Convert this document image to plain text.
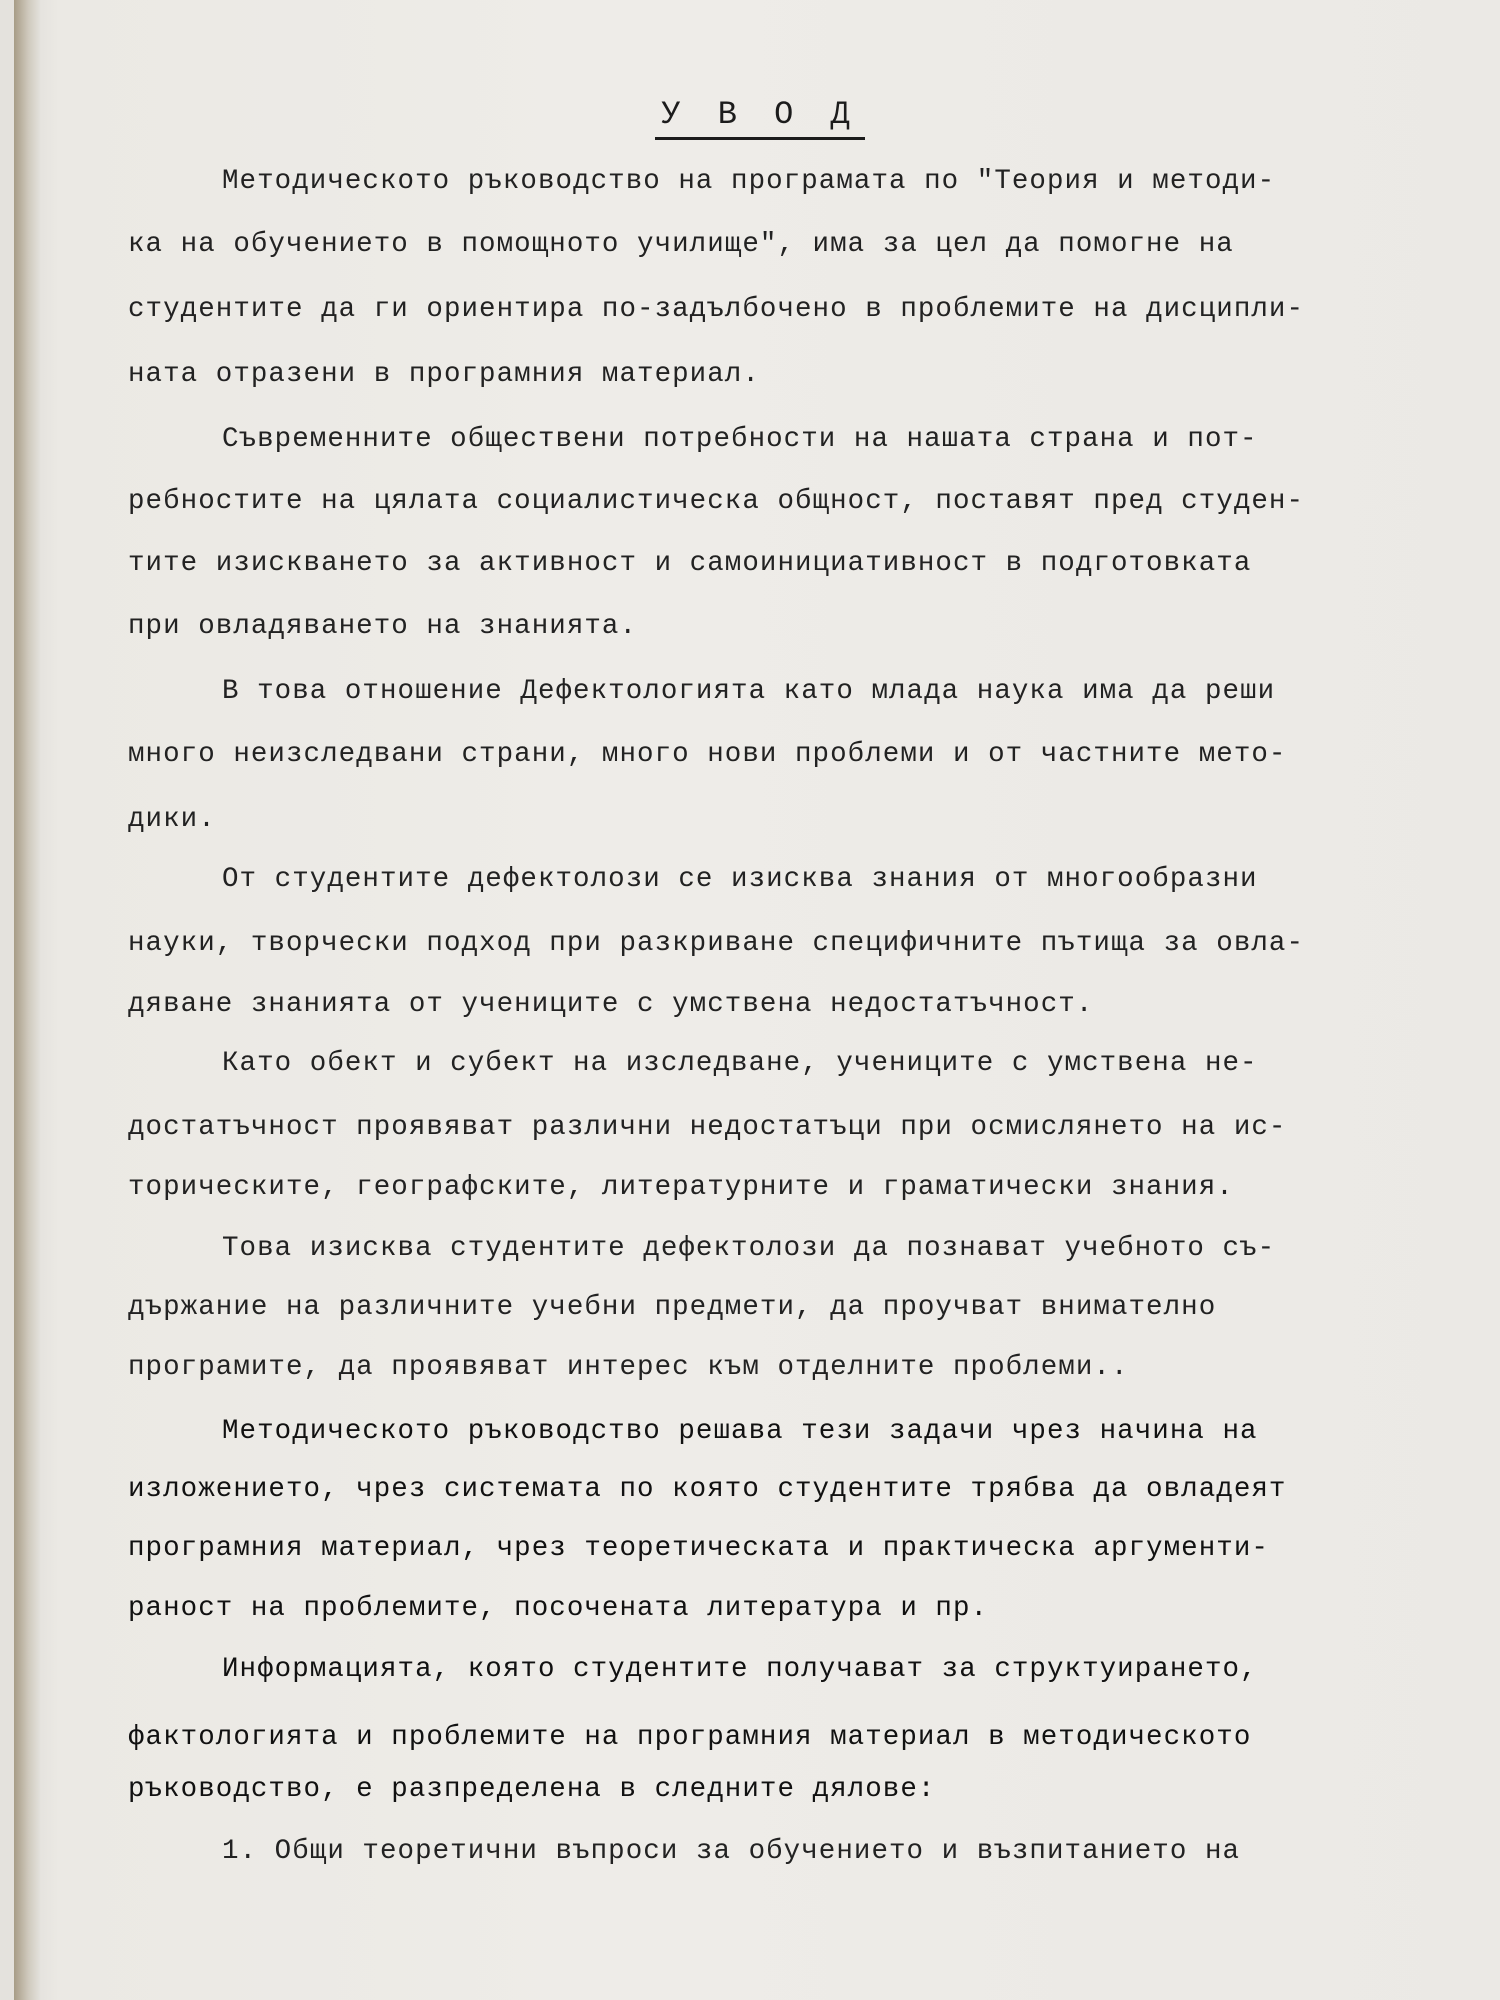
У В О Д
Методическото ръководство на програмата по "Теория и методи-
ка на обучението в помощното училище", има за цел да помогне на
студентите да ги ориентира по-задълбочено в проблемите на дисципли-
ната отразени в програмния материал.
Съвременните обществени потребности на нашата страна и пот-
ребностите на цялата социалистическа общност, поставят пред студен-
тите изискването за активност и самоинициативност в подготовката
при овладяването на знанията.
В това отношение Дефектологията като млада наука има да реши
много неизследвани страни, много нови проблеми и от частните мето-
дики.
От студентите дефектолози се изисква знания от многообразни
науки, творчески подход при разкриване специфичните пътища за овла-
дяване знанията от учениците с умствена недостатъчност.
Като обект и субект на изследване, учениците с умствена не-
достатъчност проявяват различни недостатъци при осмислянето на ис-
торическите, географските, литературните и граматически знания.
Това изисква студентите дефектолози да познават учебното съ-
държание на различните учебни предмети, да проучват внимателно
програмите, да проявяват интерес към отделните проблеми..
Методическото ръководство решава тези задачи чрез начина на
изложението, чрез системата по която студентите трябва да овладеят
програмния материал, чрез теоретическата и практическа аргументи-
раност на проблемите, посочената литература и пр.
Информацията, която студентите получават за структуирането,
фактологията и проблемите на програмния материал в методическото
ръководство, е разпределена в следните дялове:
1. Общи теоретични въпроси за обучението и възпитанието на
